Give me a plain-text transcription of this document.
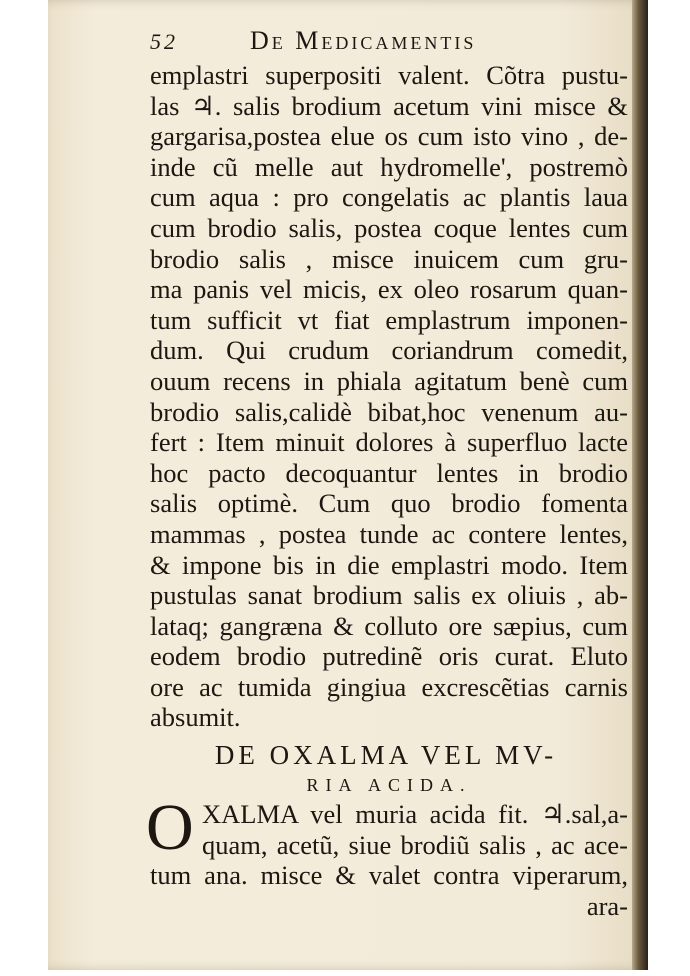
52	De Medicamentis
emplastri superpositi valent. Cõtra pustu-
las ♃. salis brodium acetum vini misce &
gargarisa,postea elue os cum isto vino , de-
inde cũ melle aut hydromelle', postremò
cum aqua : pro congelatis ac plantis laua
cum brodio salis, postea coque lentes cum
brodio salis , misce inuicem cum gru-
ma panis vel micis, ex oleo rosarum quan-
tum sufficit vt fiat emplastrum imponen-
dum. Qui crudum coriandrum comedit,
ouum recens in phiala agitatum benè cum
brodio salis,calidè bibat,hoc venenum au-
fert : Item minuit dolores à superfluo lacte
hoc pacto decoquantur lentes in brodio
salis optimè. Cum quo brodio fomenta
mammas , postea tunde ac contere lentes,
& impone bis in die emplastri modo. Item
pustulas sanat brodium salis ex oliuis , ab-
lataq; gangræna & colluto ore sæpius, cum
eodem brodio putredinẽ oris curat. Eluto
ore ac tumida gingiua excrescẽtias carnis
absumit.
DE OXALMA VEL MV-
RIA ACIDA.
O XALMA vel muria acida fit. ♃.sal,a-
quam, acetũ, siue brodiũ salis , ac ace-
tum ana. misce & valet contra viperarum,
ara-
